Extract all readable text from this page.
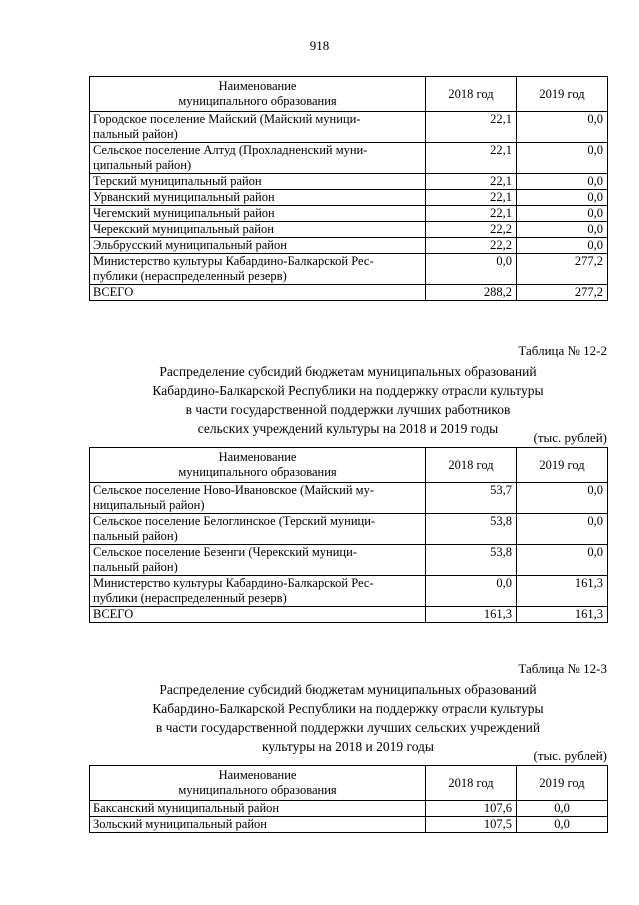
918
Наименование
муниципального образования	2018 год	2019 год
Городское поселение Майский (Майский муници-
пальный район)	22,1	0,0
Сельское поселение Алтуд (Прохладненский муни-
ципальный район)	22,1	0,0
Терский муниципальный район	22,1	0,0
Урванский муниципальный район	22,1	0,0
Чегемский муниципальный район	22,1	0,0
Черекский муниципальный район	22,2	0,0
Эльбрусский муниципальный район	22,2	0,0
Министерство культуры Кабардино-Балкарской Рес-
публики (нераспределенный резерв)	0,0	277,2
ВСЕГО	288,2	277,2
Таблица № 12-2
Распределение субсидий бюджетам муниципальных образований
Кабардино-Балкарской Республики на поддержку отрасли культуры
в части государственной поддержки лучших работников
сельских учреждений культуры на 2018 и 2019 годы
(тыс. рублей)
Наименование
муниципального образования	2018 год	2019 год
Сельское поселение Ново-Ивановское (Майский му-
ниципальный район)	53,7	0,0
Сельское поселение Белоглинское (Терский муници-
пальный район)	53,8	0,0
Сельское поселение Безенги (Черекский муници-
пальный район)	53,8	0,0
Министерство культуры Кабардино-Балкарской Рес-
публики (нераспределенный резерв)	0,0	161,3
ВСЕГО	161,3	161,3
Таблица № 12-3
Распределение субсидий бюджетам муниципальных образований
Кабардино-Балкарской Республики на поддержку отрасли культуры
в части государственной поддержки лучших сельских учреждений
культуры на 2018 и 2019 годы
(тыс. рублей)
Наименование
муниципального образования	2018 год	2019 год
Баксанский муниципальный район	107,6	0,0
Зольский муниципальный район	107,5	0,0
